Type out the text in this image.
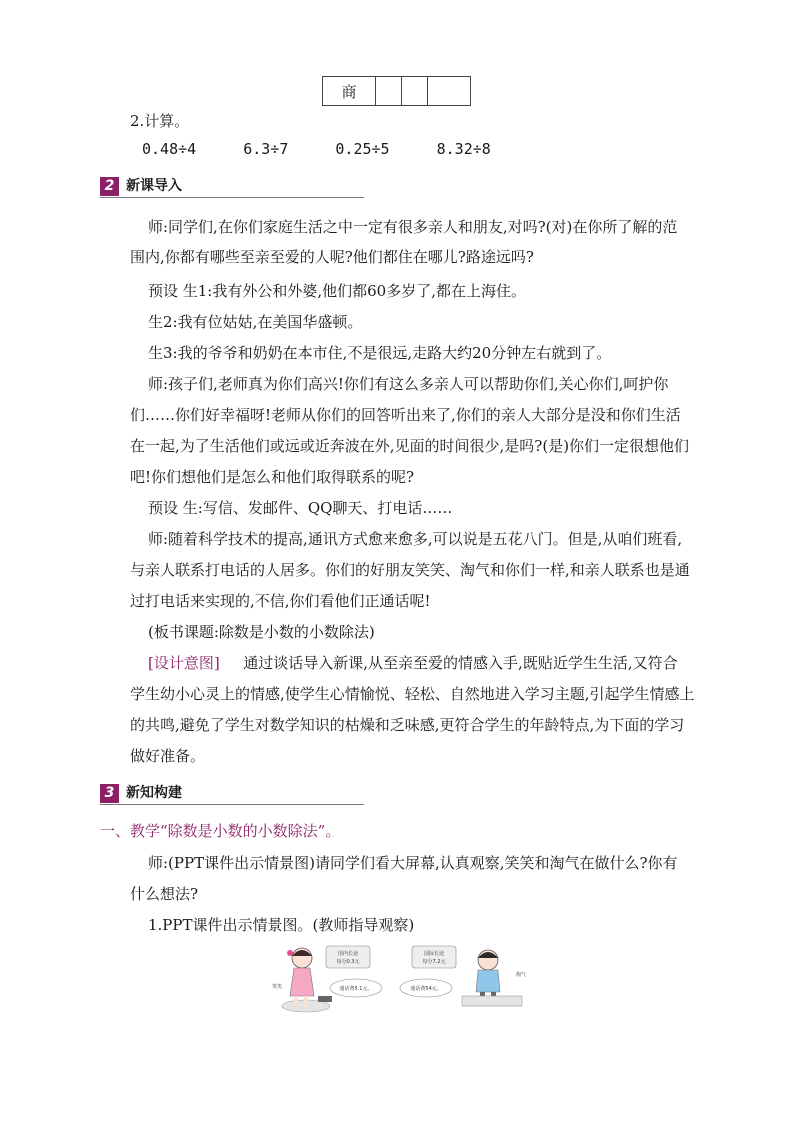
商			
2.计算。
0.48÷4	6.3÷7	0.25÷5	8.32÷8
2 新课导入
师:同学们,在你们家庭生活之中一定有很多亲人和朋友,对吗?(对)在你所了解的范
围内,你都有哪些至亲至爱的人呢?他们都住在哪儿?路途远吗?
预设 生1:我有外公和外婆,他们都60多岁了,都在上海住。
生2:我有位姑姑,在美国华盛顿。
生3:我的爷爷和奶奶在本市住,不是很远,走路大约20分钟左右就到了。
师:孩子们,老师真为你们高兴!你们有这么多亲人可以帮助你们,关心你们,呵护你
们……你们好幸福呀!老师从你们的回答听出来了,你们的亲人大部分是没和你们生活
在一起,为了生活他们或远或近奔波在外,见面的时间很少,是吗?(是)你们一定很想他们
吧!你们想他们是怎么和他们取得联系的呢?
预设 生:写信、发邮件、QQ聊天、打电话……
师:随着科学技术的提高,通讯方式愈来愈多,可以说是五花八门。但是,从咱们班看,
与亲人联系打电话的人居多。你们的好朋友笑笑、淘气和你们一样,和亲人联系也是通
过打电话来实现的,不信,你们看他们正通话呢!
(板书课题:除数是小数的小数除法)
[设计意图] 通过谈话导入新课,从至亲至爱的情感入手,既贴近学生生活,又符合
学生幼小心灵上的情感,使学生心情愉悦、轻松、自然地进入学习主题,引起学生情感上
的共鸣,避免了学生对数学知识的枯燥和乏味感,更符合学生的年龄特点,为下面的学习
做好准备。
3 新知构建
一、教学“除数是小数的小数除法”。
师:(PPT课件出示情景图)请同学们看大屏幕,认真观察,笑笑和淘气在做什么?你有
什么想法?
1.PPT课件出示情景图。(教师指导观察)
国内长途
每分0.3元
通话费5.1元。
笑笑
国际长途
每分7.2元
通话费54元。
淘气
